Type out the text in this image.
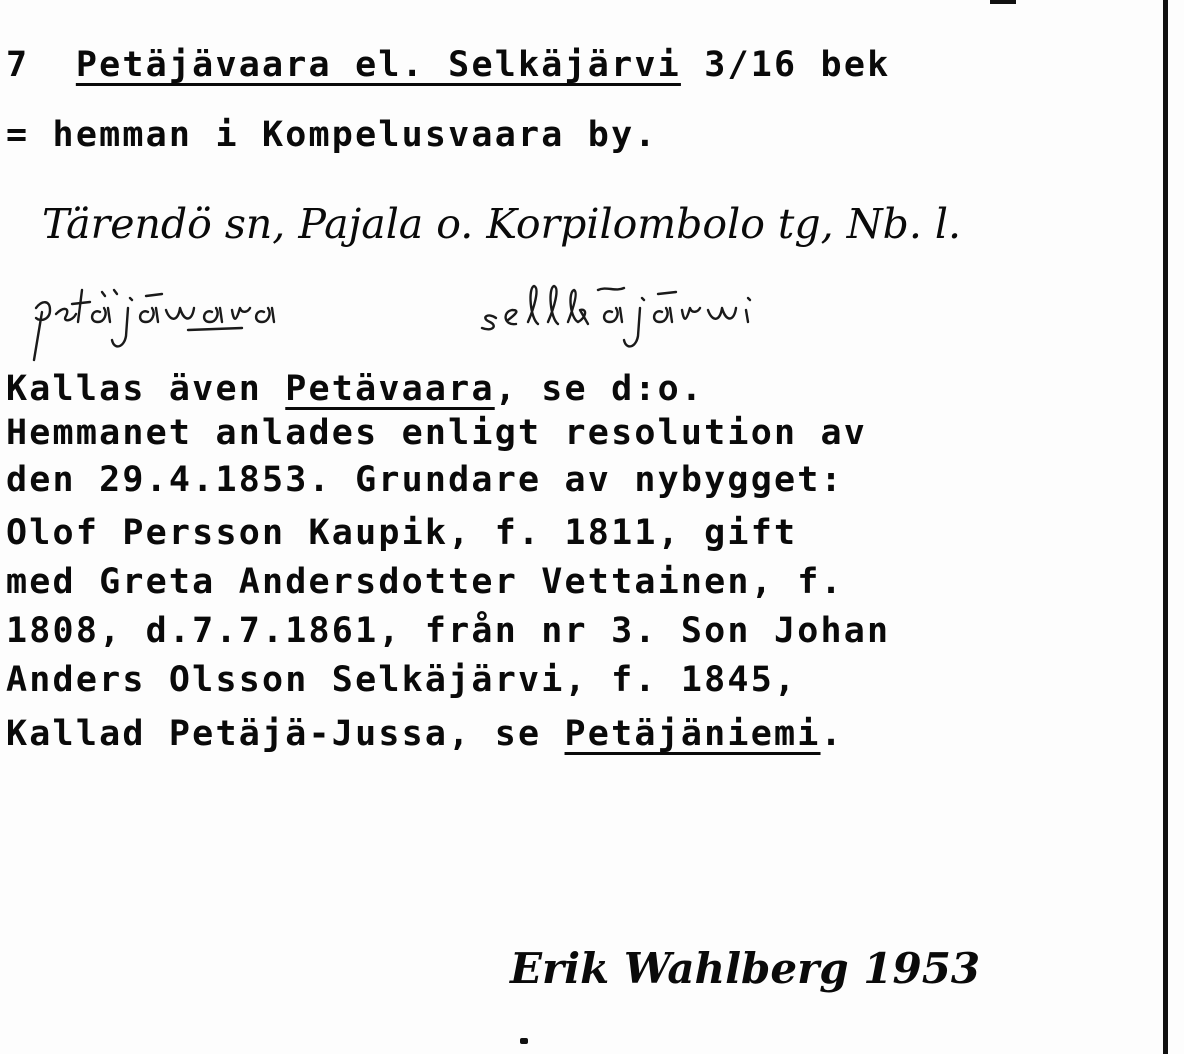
7 Petäjävaara el. Selkäjärvi 3/16 bek

= hemman i Kompelusvaara by.

Tärendö sn, Pajala o. Korpilombolo tg, Nb. l.

Kallas även Petävaara, se d:o.

Hemmanet anlades enligt resolution av

den 29.4.1853. Grundare av nybygget:

Olof Persson Kaupik, f. 1811, gift

med Greta Andersdotter Vettainen, f.

1808, d.7.7.1861, från nr 3. Son Johan

Anders Olsson Selkäjärvi, f. 1845,

Kallad Petäjä-Jussa, se Petäjäniemi.

Erik Wahlberg 1953
